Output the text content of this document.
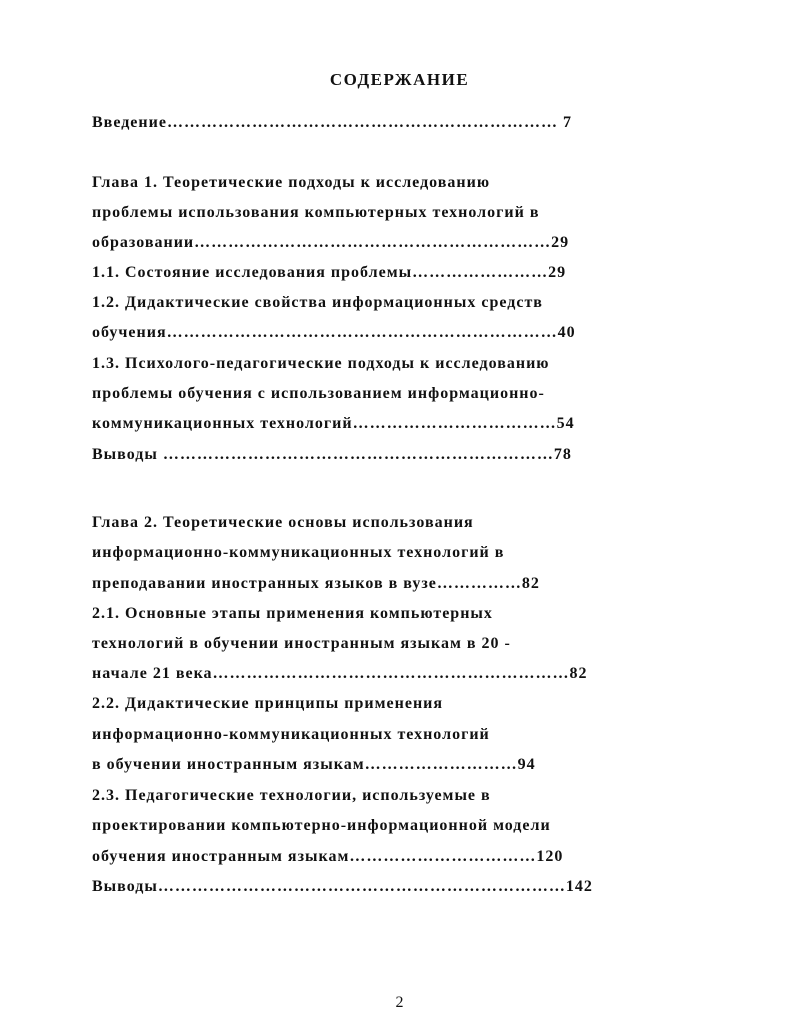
СОДЕРЖАНИЕ
Введение…………………………………………………………… 7
Глава 1. Теоретические подходы к исследованию
проблемы использования компьютерных технологий в
образовании………………………………………………………29
1.1. Состояние исследования проблемы……………………29
1.2. Дидактические свойства информационных средств
обучения……………………………………………………………40
1.3. Психолого-педагогические подходы к исследованию
проблемы обучения с использованием информационно-
коммуникационных технологий………………………………54
Выводы ……………………………………………………………78
Глава 2. Теоретические основы использования
информационно-коммуникационных технологий в
преподавании иностранных языков в вузе……………82
2.1. Основные этапы применения компьютерных
технологий в обучении иностранным языкам в 20 -
начале 21 века………………………………………………………82
2.2. Дидактические принципы применения
информационно-коммуникационных технологий
в обучении иностранным языкам………………………94
2.3. Педагогические технологии, используемые в
проектировании компьютерно-информационной модели
обучения иностранным языкам……………………………120
Выводы………………………………………………………………142
2
